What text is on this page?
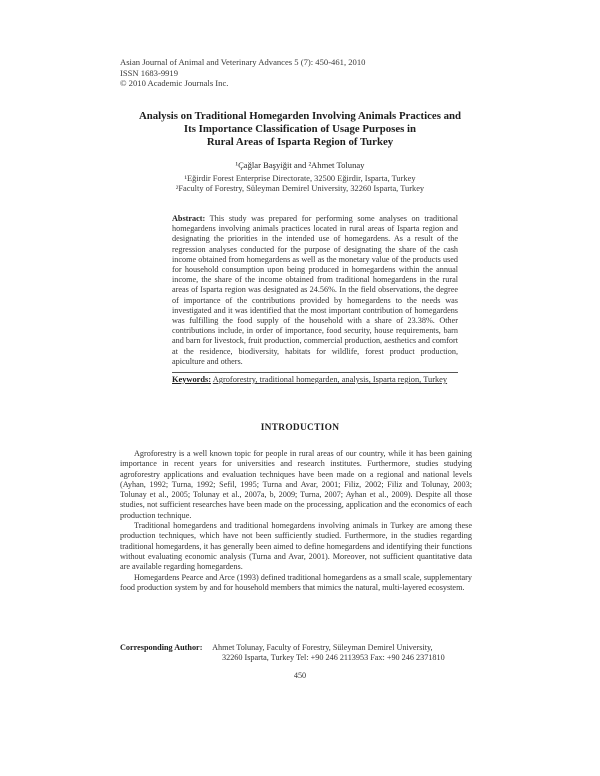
Asian Journal of Animal and Veterinary Advances 5 (7): 450-461, 2010
ISSN 1683-9919
© 2010 Academic Journals Inc.
Analysis on Traditional Homegarden Involving Animals Practices and
Its Importance Classification of Usage Purposes in
Rural Areas of Isparta Region of Turkey
¹Çağlar Başyiğit and ²Ahmet Tolunay
¹Eğirdir Forest Enterprise Directorate, 32500 Eğirdir, Isparta, Turkey
²Faculty of Forestry, Süleyman Demirel University, 32260 Isparta, Turkey
Abstract: This study was prepared for performing some analyses on traditional homegardens involving animals practices located in rural areas of Isparta region and designating the priorities in the intended use of homegardens. As a result of the regression analyses conducted for the purpose of designating the share of the cash income obtained from homegardens as well as the monetary value of the products used for household consumption upon being produced in homegardens within the annual income, the share of the income obtained from traditional homegardens in the rural areas of Isparta region was designated as 24.56%. In the field observations, the degree of importance of the contributions provided by homegardens to the needs was investigated and it was identified that the most important contribution of homegardens was fulfilling the food supply of the household with a share of 23.38%. Other contributions include, in order of importance, food security, house requirements, barn and barn for livestock, fruit production, commercial production, aesthetics and comfort at the residence, biodiversity, habitats for wildlife, forest product production, apiculture and others.
Keywords: Agroforestry, traditional homegarden, analysis, Isparta region, Turkey
INTRODUCTION

Agroforestry is a well known topic for people in rural areas of our country, while it has been gaining importance in recent years for universities and research institutes. Furthermore, studies studying agroforestry applications and evaluation techniques have been made on a regional and national levels (Ayhan, 1992; Turna, 1992; Sefil, 1995; Turna and Avar, 2001; Filiz, 2002; Filiz and Tolunay, 2003; Tolunay et al., 2005; Tolunay et al., 2007a, b, 2009; Turna, 2007; Ayhan et al., 2009). Despite all those studies, not sufficient researches have been made on the processing, application and the economics of each production technique.

Traditional homegardens and traditional homegardens involving animals in Turkey are among these production techniques, which have not been sufficiently studied. Furthermore, in the studies regarding traditional homegardens, it has generally been aimed to define homegardens and identifying their functions without evaluating economic analysis (Turna and Avar, 2001). Moreover, not sufficient quantitative data are available regarding homegardens.

Homegardens Pearce and Arce (1993) defined traditional homegardens as a small scale, supplementary food production system by and for household members that mimics the natural, multi-layered ecosystem.

Corresponding Author: Ahmet Tolunay, Faculty of Forestry, Süleyman Demirel University,
32260 Isparta, Turkey Tel: +90 246 2113953 Fax: +90 246 2371810
450
